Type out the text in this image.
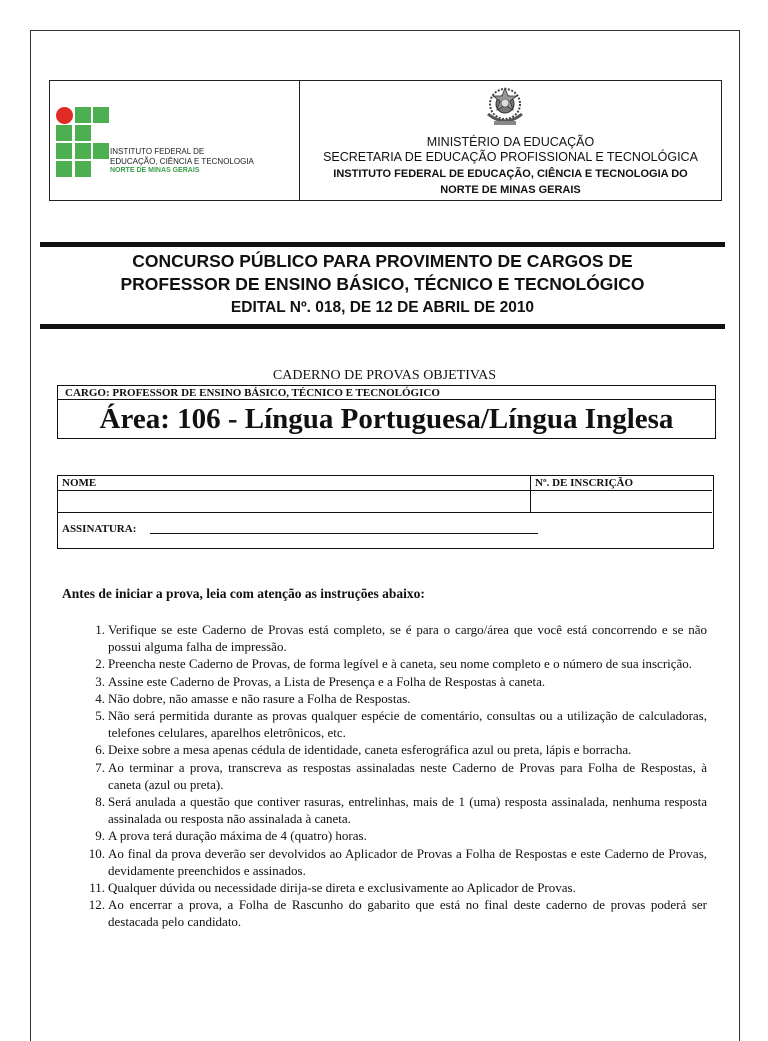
INSTITUTO FEDERAL DE
EDUCAÇÃO, CIÊNCIA E TECNOLOGIA
NORTE DE MINAS GERAIS
MINISTÉRIO DA EDUCAÇÃO
SECRETARIA DE EDUCAÇÃO PROFISSIONAL E TECNOLÓGICA
INSTITUTO FEDERAL DE EDUCAÇÃO, CIÊNCIA E TECNOLOGIA DO
NORTE DE MINAS GERAIS
CONCURSO PÚBLICO PARA PROVIMENTO DE CARGOS DE
PROFESSOR DE ENSINO BÁSICO, TÉCNICO E TECNOLÓGICO
EDITAL Nº. 018, DE 12 DE ABRIL DE 2010
CADERNO DE PROVAS OBJETIVAS
CARGO: PROFESSOR DE ENSINO BÁSICO, TÉCNICO E TECNOLÓGICO
Área: 106 - Língua Portuguesa/Língua Inglesa
NOME	Nº. DE INSCRIÇÃO
ASSINATURA:
Antes de iniciar a prova, leia com atenção as instruções abaixo:
1 . Verifique se este Caderno de Provas está completo, se é para o cargo/área que você está concorrendo e se não possui alguma falha de impressão.
2 . Preencha neste Caderno de Provas, de forma legível e à caneta, seu nome completo e o número de sua inscrição.
3 . Assine este Caderno de Provas, a Lista de Presença e a Folha de Respostas à caneta.
4 . Não dobre, não amasse e não rasure a Folha de Respostas.
5 . Não será permitida durante as provas qualquer espécie de comentário, consultas ou a utilização de calculadoras, telefones celulares, aparelhos eletrônicos, etc.
6 . Deixe sobre a mesa apenas cédula de identidade, caneta esferográfica azul ou preta, lápis e borracha.
7 . Ao terminar a prova, transcreva as respostas assinaladas neste Caderno de Provas para Folha de Respostas, à caneta (azul ou preta).
8 . Será anulada a questão que contiver rasuras, entrelinhas, mais de 1 (uma) resposta assinalada, nenhuma resposta assinalada ou resposta não assinalada à caneta.
9 . A prova terá duração máxima de 4 (quatro) horas.
10 . Ao final da prova deverão ser devolvidos ao Aplicador de Provas a Folha de Respostas e este Caderno de Provas, devidamente preenchidos e assinados.
11 . Qualquer dúvida ou necessidade dirija-se direta e exclusivamente ao Aplicador de Provas.
12 . Ao encerrar a prova, a Folha de Rascunho do gabarito que está no final deste caderno de provas poderá ser destacada pelo candidato.
